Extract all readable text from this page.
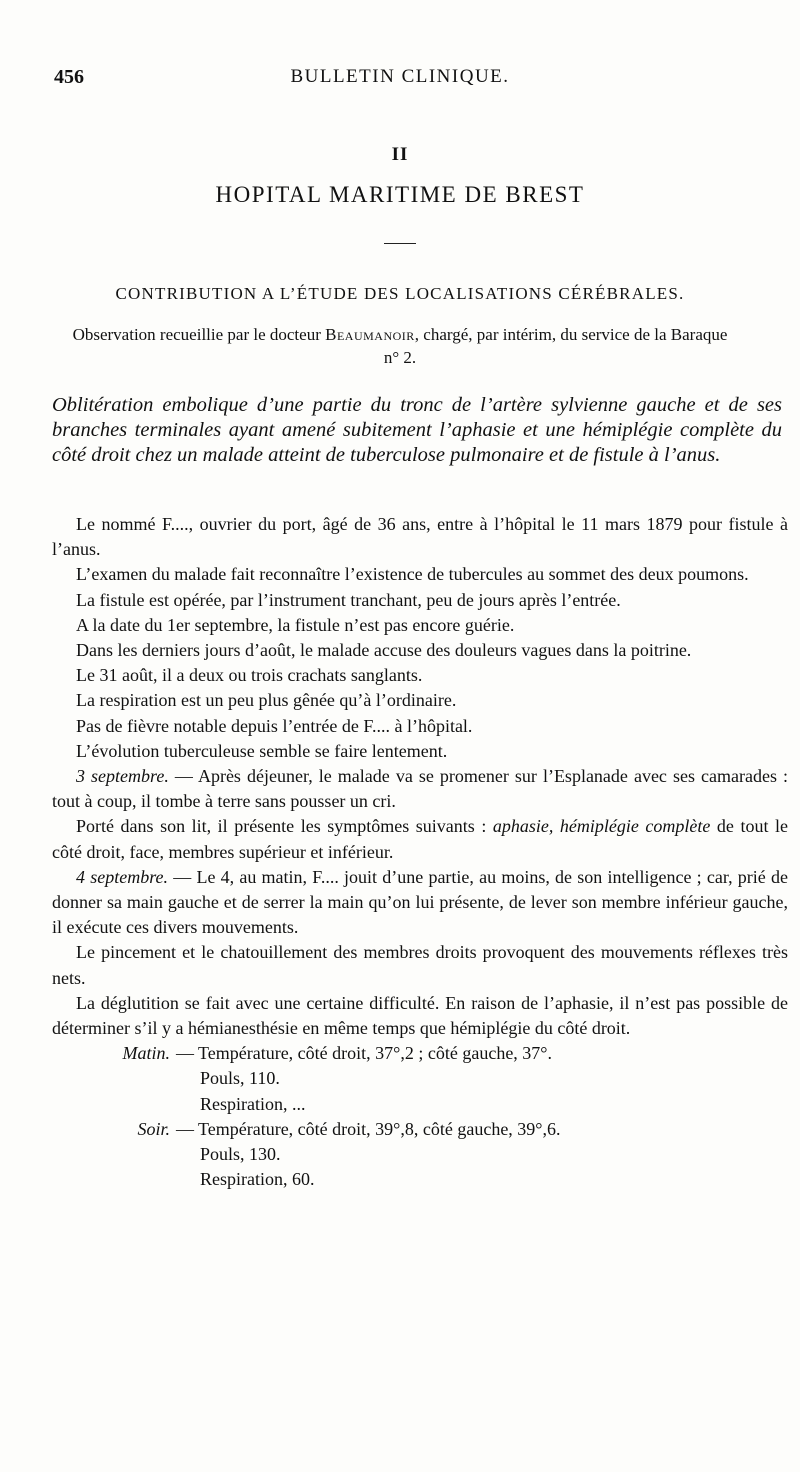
456	BULLETIN CLINIQUE.
II
HOPITAL MARITIME DE BREST
CONTRIBUTION A L’ÉTUDE DES LOCALISATIONS CÉRÉBRALES.
Observation recueillie par le docteur Beaumanoir, chargé, par intérim, du service de la Baraque n° 2.
Oblitération embolique d’une partie du tronc de l’artère sylvienne gauche et de ses branches terminales ayant amené subitement l’aphasie et une hémiplégie complète du côté droit chez un malade atteint de tuberculose pulmonaire et de fistule à l’anus.

Le nommé F...., ouvrier du port, âgé de 36 ans, entre à l’hôpital le 11 mars 1879 pour fistule à l’anus.

L’examen du malade fait reconnaître l’existence de tubercules au sommet des deux poumons.

La fistule est opérée, par l’instrument tranchant, peu de jours après l’entrée.

A la date du 1er septembre, la fistule n’est pas encore guérie.

Dans les derniers jours d’août, le malade accuse des douleurs vagues dans la poitrine.

Le 31 août, il a deux ou trois crachats sanglants.

La respiration est un peu plus gênée qu’à l’ordinaire.

Pas de fièvre notable depuis l’entrée de F.... à l’hôpital.

L’évolution tuberculeuse semble se faire lentement.

3 septembre. — Après déjeuner, le malade va se promener sur l’Esplanade avec ses camarades : tout à coup, il tombe à terre sans pousser un cri.

Porté dans son lit, il présente les symptômes suivants : aphasie, hémiplégie complète de tout le côté droit, face, membres supérieur et inférieur.

4 septembre. — Le 4, au matin, F.... jouit d’une partie, au moins, de son intelligence ; car, prié de donner sa main gauche et de serrer la main qu’on lui présente, de lever son membre inférieur gauche, il exécute ces divers mouvements.

Le pincement et le chatouillement des membres droits provoquent des mouvements réflexes très nets.

La déglutition se fait avec une certaine difficulté. En raison de l’aphasie, il n’est pas possible de déterminer s’il y a hémianesthésie en même temps que hémiplégie du côté droit.

Matin. — Température, côté droit, 37°,2 ; côté gauche, 37°.
Pouls, 110.
Respiration, ...
Soir. — Température, côté droit, 39°,8, côté gauche, 39°,6.
Pouls, 130.
Respiration, 60.
